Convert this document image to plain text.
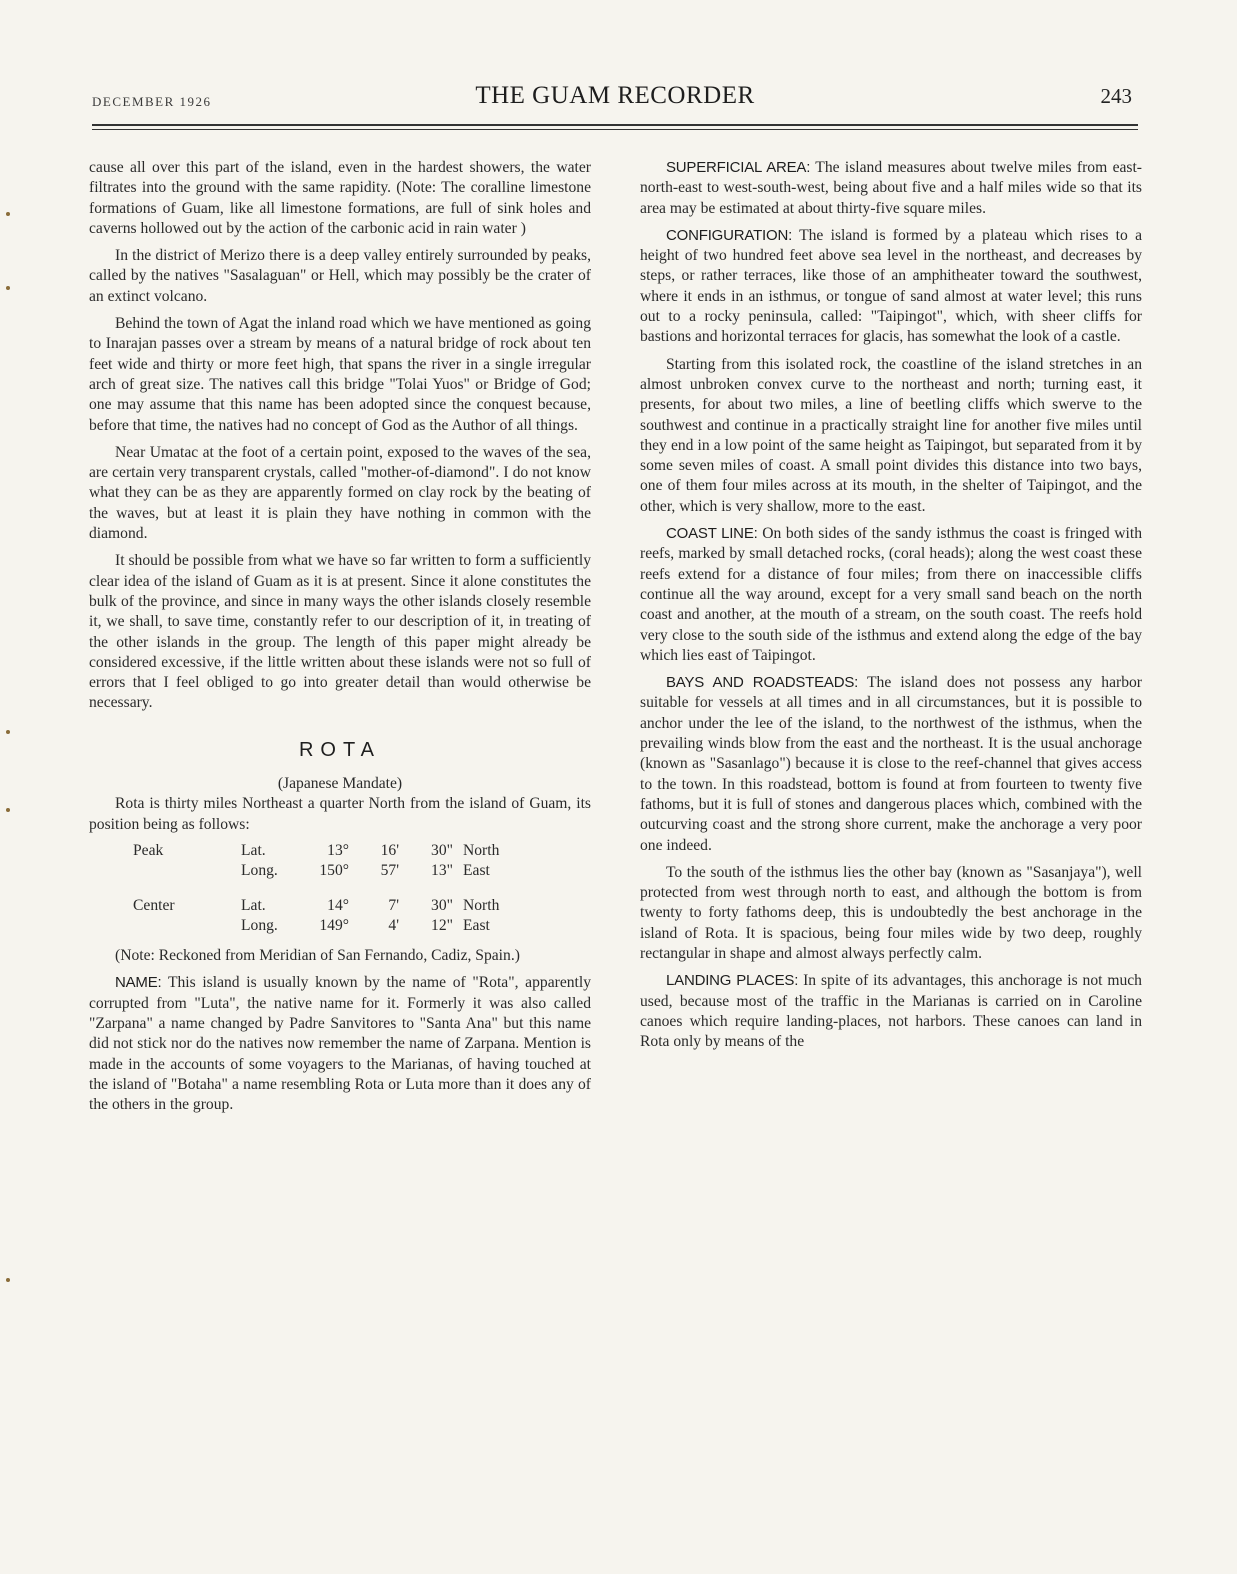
DECEMBER 1926	THE GUAM RECORDER	243

cause all over this part of the island, even in the hardest showers, the water filtrates into the ground with the same rapidity. (Note: The coralline limestone formations of Guam, like all limestone formations, are full of sink holes and caverns hollowed out by the action of the carbonic acid in rain water )

In the district of Merizo there is a deep valley entirely surrounded by peaks, called by the natives "Sasalaguan" or Hell, which may possibly be the crater of an extinct volcano.

Behind the town of Agat the inland road which we have mentioned as going to Inarajan passes over a stream by means of a natural bridge of rock about ten feet wide and thirty or more feet high, that spans the river in a single irregular arch of great size. The natives call this bridge "Tolai Yuos" or Bridge of God; one may assume that this name has been adopted since the conquest because, before that time, the natives had no concept of God as the Author of all things.

Near Umatac at the foot of a certain point, exposed to the waves of the sea, are certain very transparent crystals, called "mother-of-diamond". I do not know what they can be as they are apparently formed on clay rock by the beating of the waves, but at least it is plain they have nothing in common with the diamond.

It should be possible from what we have so far written to form a sufficiently clear idea of the island of Guam as it is at present. Since it alone constitutes the bulk of the province, and since in many ways the other islands closely resemble it, we shall, to save time, constantly refer to our description of it, in treating of the other islands in the group. The length of this paper might already be considered excessive, if the little written about these islands were not so full of errors that I feel obliged to go into greater detail than would otherwise be necessary.

ROTA

(Japanese Mandate)

Rota is thirty miles Northeast a quarter North from the island of Guam, its position being as follows:

Peak	Lat.	13°	16'	30"	North
	Long.	150°	57'	13"	East

Center	Lat.	14°	7'	30"	North
	Long.	149°	4'	12"	East

(Note: Reckoned from Meridian of San Fernando, Cadiz, Spain.)

NAME: This island is usually known by the name of "Rota", apparently corrupted from "Luta", the native name for it. Formerly it was also called "Zarpana" a name changed by Padre Sanvitores to "Santa Ana" but this name did not stick nor do the natives now remember the name of Zarpana. Mention is made in the accounts of some voyagers to the Marianas, of having touched at the island of "Botaha" a name resembling Rota or Luta more than it does any of the others in the group.

SUPERFICIAL AREA: The island measures about twelve miles from east-north-east to west-south-west, being about five and a half miles wide so that its area may be estimated at about thirty-five square miles.

CONFIGURATION: The island is formed by a plateau which rises to a height of two hundred feet above sea level in the northeast, and decreases by steps, or rather terraces, like those of an amphitheater toward the southwest, where it ends in an isthmus, or tongue of sand almost at water level; this runs out to a rocky peninsula, called: "Taipingot", which, with sheer cliffs for bastions and horizontal terraces for glacis, has somewhat the look of a castle.

Starting from this isolated rock, the coastline of the island stretches in an almost unbroken convex curve to the northeast and north; turning east, it presents, for about two miles, a line of beetling cliffs which swerve to the southwest and continue in a practically straight line for another five miles until they end in a low point of the same height as Taipingot, but separated from it by some seven miles of coast. A small point divides this distance into two bays, one of them four miles across at its mouth, in the shelter of Taipingot, and the other, which is very shallow, more to the east.

COAST LINE: On both sides of the sandy isthmus the coast is fringed with reefs, marked by small detached rocks, (coral heads); along the west coast these reefs extend for a distance of four miles; from there on inaccessible cliffs continue all the way around, except for a very small sand beach on the north coast and another, at the mouth of a stream, on the south coast. The reefs hold very close to the south side of the isthmus and extend along the edge of the bay which lies east of Taipingot.

BAYS AND ROADSTEADS: The island does not possess any harbor suitable for vessels at all times and in all circumstances, but it is possible to anchor under the lee of the island, to the northwest of the isthmus, when the prevailing winds blow from the east and the northeast. It is the usual anchorage (known as "Sasanlago") because it is close to the reef-channel that gives access to the town. In this roadstead, bottom is found at from fourteen to twenty five fathoms, but it is full of stones and dangerous places which, combined with the outcurving coast and the strong shore current, make the anchorage a very poor one indeed.

To the south of the isthmus lies the other bay (known as "Sasanjaya"), well protected from west through north to east, and although the bottom is from twenty to forty fathoms deep, this is undoubtedly the best anchorage in the island of Rota. It is spacious, being four miles wide by two deep, roughly rectangular in shape and almost always perfectly calm.

LANDING PLACES: In spite of its advantages, this anchorage is not much used, because most of the traffic in the Marianas is carried on in Caroline canoes which require landing-places, not harbors. These canoes can land in Rota only by means of the
